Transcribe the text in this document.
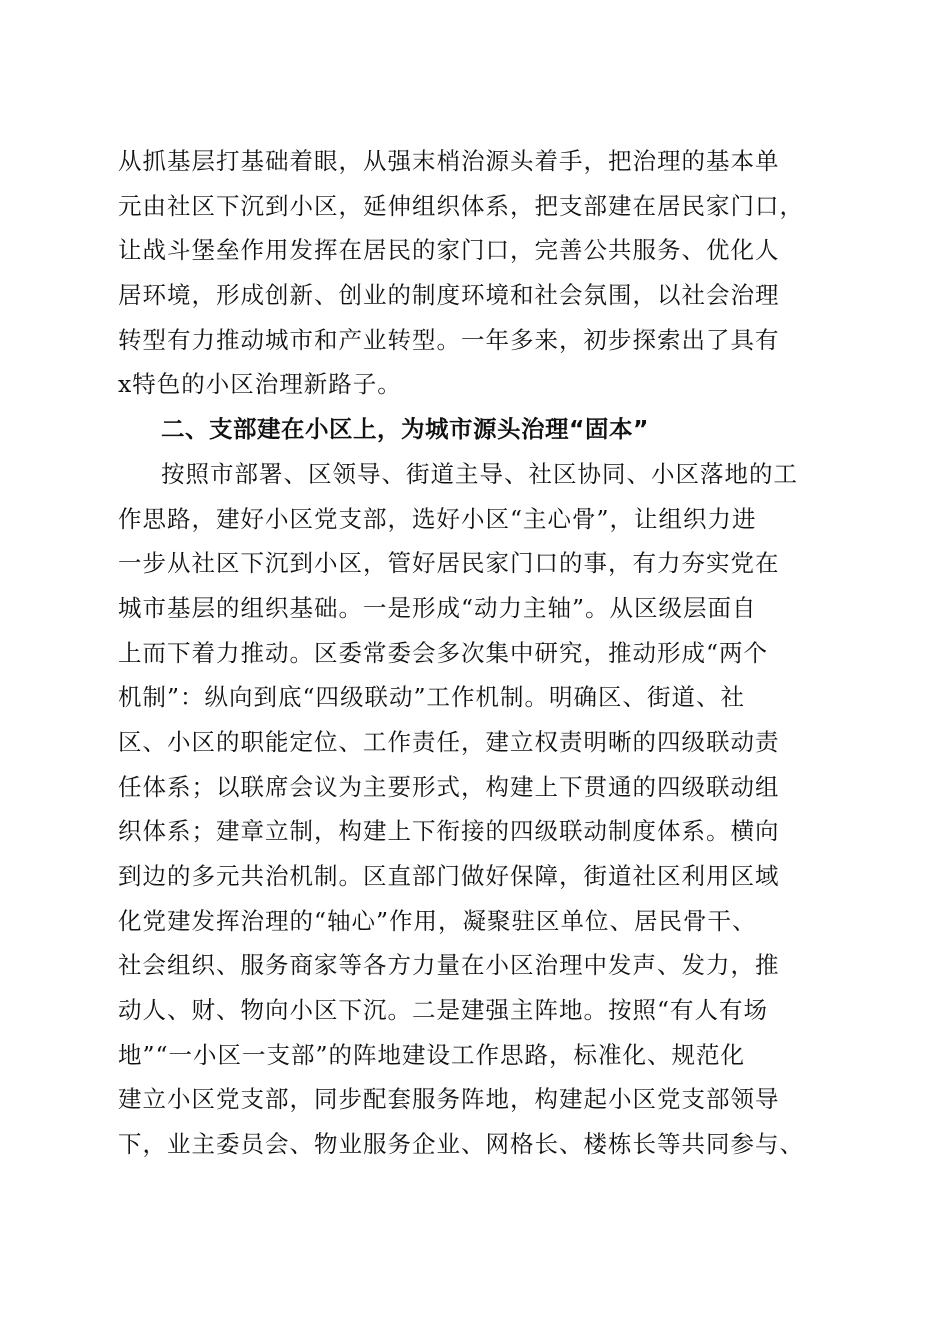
从抓基层打基础着眼，从强末梢治源头着手，把治理的基本单
元由社区下沉到小区，延伸组织体系，把支部建在居民家门口，
让战斗堡垒作用发挥在居民的家门口，完善公共服务、优化人
居环境，形成创新、创业的制度环境和社会氛围，以社会治理
转型有力推动城市和产业转型。一年多来，初步探索出了具有
x特色的小区治理新路子。
二、支部建在小区上，为城市源头治理“固本”
按照市部署、区领导、街道主导、社区协同、小区落地的工
作思路，建好小区党支部，选好小区“主心骨”，让组织力进
一步从社区下沉到小区，管好居民家门口的事，有力夯实党在
城市基层的组织基础。一是形成“动力主轴”。从区级层面自
上而下着力推动。区委常委会多次集中研究，推动形成“两个
机制”：纵向到底“四级联动”工作机制。明确区、街道、社
区、小区的职能定位、工作责任，建立权责明晰的四级联动责
任体系；以联席会议为主要形式，构建上下贯通的四级联动组
织体系；建章立制，构建上下衔接的四级联动制度体系。横向
到边的多元共治机制。区直部门做好保障，街道社区利用区域
化党建发挥治理的“轴心”作用，凝聚驻区单位、居民骨干、
社会组织、服务商家等各方力量在小区治理中发声、发力，推
动人、财、物向小区下沉。二是建强主阵地。按照“有人有场
地”“一小区一支部”的阵地建设工作思路，标准化、规范化
建立小区党支部，同步配套服务阵地，构建起小区党支部领导
下，业主委员会、物业服务企业、网格长、楼栋长等共同参与、
